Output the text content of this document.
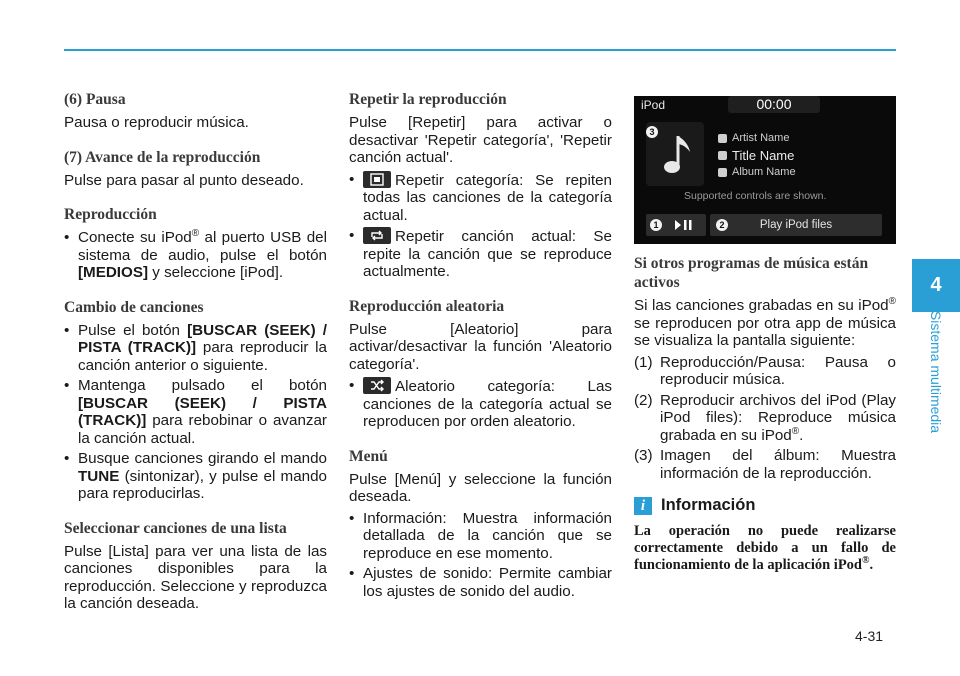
(6) Pausa

Pausa o reproducir música.

(7) Avance de la reproducción

Pulse para pasar al punto deseado.

Reproducción
• Conecte su iPod® al puerto USB del sistema de audio, pulse el botón [MEDIOS] y seleccione [iPod].
Cambio de canciones
• Pulse el botón [BUSCAR (SEEK) / PISTA (TRACK)] para reproducir la canción anterior o siguiente.
• Mantenga pulsado el botón [BUSCAR (SEEK) / PISTA (TRACK)] para rebobinar o avanzar la canción actual.
• Busque canciones girando el mando TUNE (sintonizar), y pulse el mando para reproducirlas.
Seleccionar canciones de una lista

Pulse [Lista] para ver una lista de las canciones disponibles para la reproducción. Seleccione y reproduzca la canción deseada.

Repetir la reproducción

Pulse [Repetir] para activar o desactivar 'Repetir categoría', 'Repetir canción actual'.

•	Repetir categoría: Se repiten todas las canciones de la categoría actual.
•	Repetir canción actual: Se repite la canción que se reproduce actualmente.
Reproducción aleatoria

Pulse [Aleatorio] para activar/desactivar la función 'Aleatorio categoría'.

•	Aleatorio categoría: Las canciones de la categoría actual se reproducen por orden aleatorio.
Menú

Pulse [Menú] y seleccione la función deseada.

• Información: Muestra información detallada de la canción que se reproduce en ese momento.
• Ajustes de sonido: Permite cambiar los ajustes de sonido del audio.
iPod	00:00
3	Artist Name
Title Name
Album Name
Supported controls are shown.
1	2	Play iPod files
Si otros programas de música están activos

Si las canciones grabadas en su iPod® se reproducen por otra app de música se visualiza la pantalla siguiente:

(1) Reproducción/Pausa: Pausa o reproducir música.
(2) Reproducir archivos del iPod (Play iPod files): Reproduce música grabada en su iPod®.
(3) Imagen del álbum: Muestra información de la reproducción.
i Información

La operación no puede realizarse correctamente debido a un fallo de funcionamiento de la aplicación iPod®.

4
Sistema multimedia
4-31
